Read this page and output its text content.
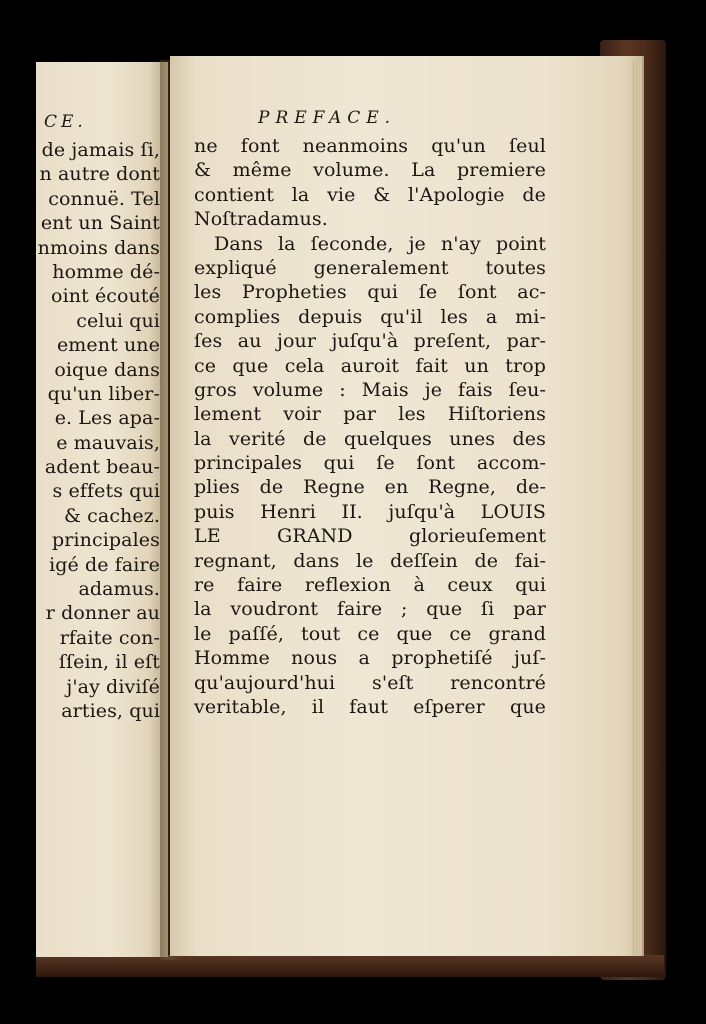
CE.
de jamais ſi,
n autre dont
connuë. Tel
ent un Saint
nmoins dans
homme dé-
oint écouté
celui qui
ement une
oique dans
qu'un liber-
e. Les apa-
e mauvais,
adent beau-
s effets qui
& cachez.
principales
igé de faire
adamus.
r donner au
rfaite con-
ſſein, il eſt
j'ay diviſé
arties, qui
PREFACE.
ne font neanmoins qu'un ſeul
& même volume. La premiere
contient la vie & l'Apologie de
Noſtradamus.
Dans la ſeconde, je n'ay point
expliqué generalement toutes
les Propheties qui ſe ſont ac-
complies depuis qu'il les a mi-
ſes au jour juſqu'à preſent, par-
ce que cela auroit fait un trop
gros volume : Mais je fais ſeu-
lement voir par les Hiſtoriens
la verité de quelques unes des
principales qui ſe ſont accom-
plies de Regne en Regne, de-
puis Henri II. juſqu'à LOUIS
LE GRAND glorieuſement
regnant, dans le deſſein de fai-
re faire reflexion à ceux qui
la voudront faire ; que ſi par
le paſſé, tout ce que ce grand
Homme nous a prophetiſé juſ-
qu'aujourd'hui s'eſt rencontré
veritable, il faut eſperer que
